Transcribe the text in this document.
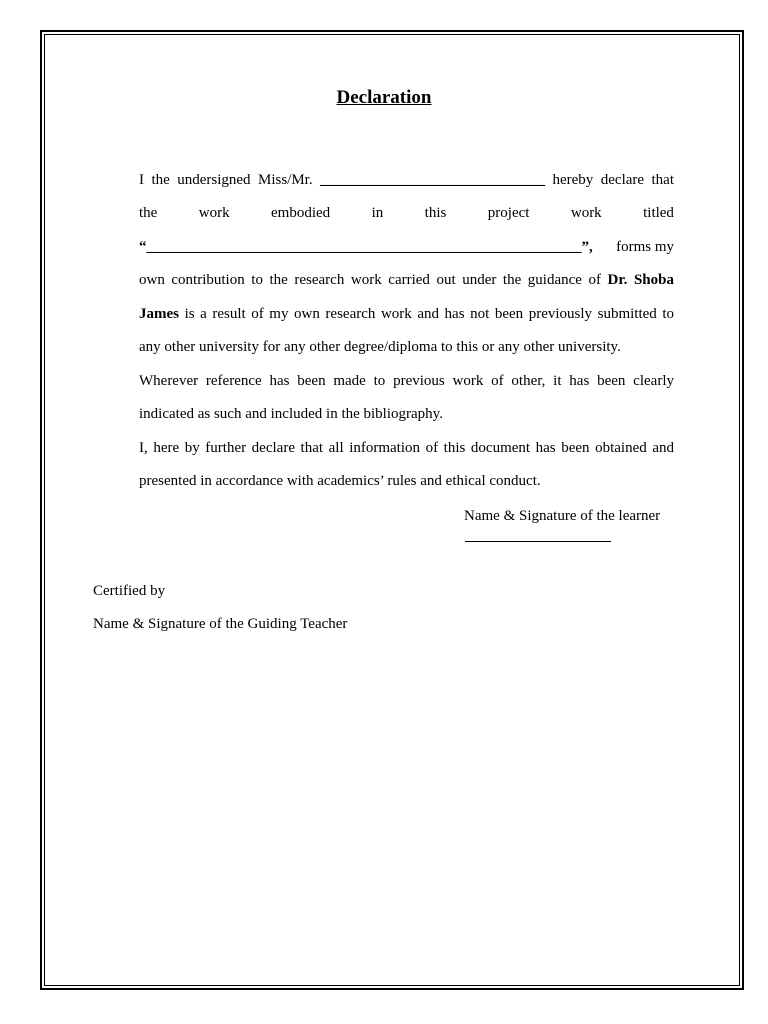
Declaration
I the undersigned Miss/Mr. ______________________________ hereby declare that
the	work	embodied	in	this	project	work	titled
“__________________________________________________________”,	forms my
own contribution to the research work carried out under the guidance of Dr. Shoba
James is a result of my own research work and has not been previously submitted to
any other university for any other degree/diploma to this or any other university.
Wherever reference has been made to previous work of other, it has been clearly
indicated as such and included in the bibliography.
I, here by further declare that all information of this document has been obtained and
presented in accordance with academics’ rules and ethical conduct.
Name & Signature of the learner
Certified by
Name & Signature of the Guiding Teacher
